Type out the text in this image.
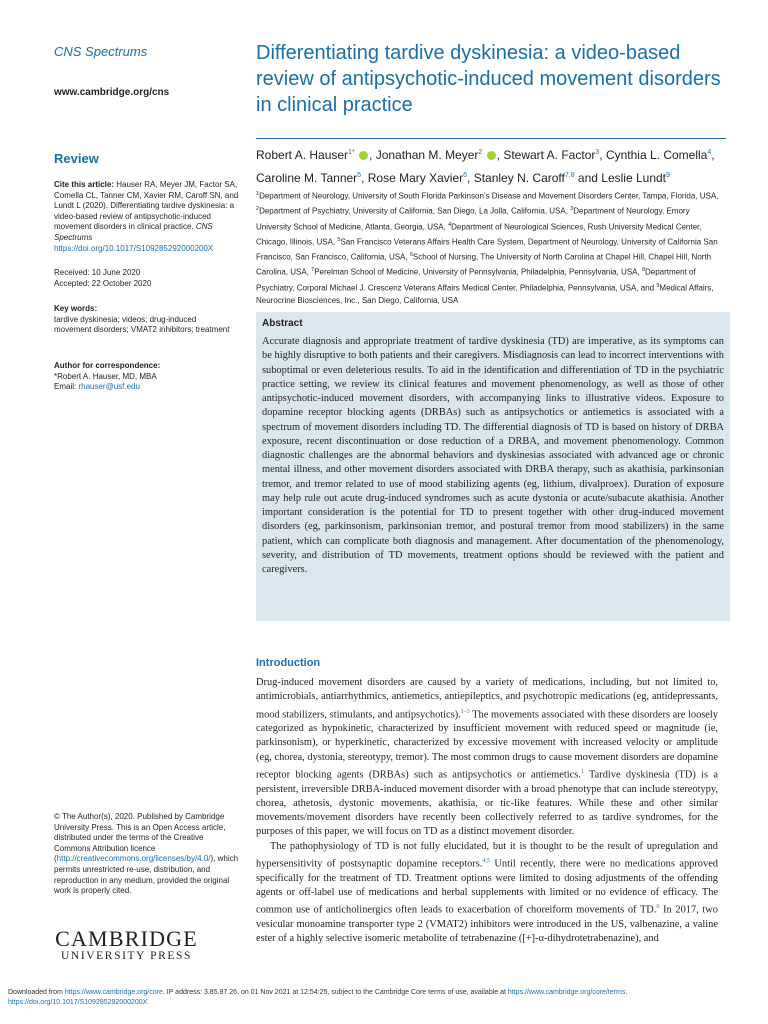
CNS Spectrums
www.cambridge.org/cns
Review
Cite this article: Hauser RA, Meyer JM, Factor SA, Comella CL, Tanner CM, Xavier RM, Caroff SN, and Lundt L (2020). Differentiating tardive dyskinesia: a video-based review of antipsychotic-induced movement disorders in clinical practice. CNS Spectrums
https://doi.org/10.1017/S109285292000200X
Received: 10 June 2020
Accepted: 22 October 2020
Key words:
tardive dyskinesia; videos; drug-induced movement disorders; VMAT2 inhibitors; treatment
Author for correspondence:
*Robert A. Hauser, MD, MBA
Email: rhauser@usf.edu
© The Author(s), 2020. Published by Cambridge University Press. This is an Open Access article, distributed under the terms of the Creative Commons Attribution licence (http://creativecommons.org/licenses/by/4.0/), which permits unrestricted re-use, distribution, and reproduction in any medium, provided the original work is properly cited.
CAMBRIDGE
UNIVERSITY PRESS
Differentiating tardive dyskinesia: a video-based review of antipsychotic-induced movement disorders in clinical practice
Robert A. Hauser$^{1*}$ , Jonathan M. Meyer$^2$ , Stewart A. Factor$^3$, Cynthia L. Comella$^4$, Caroline M. Tanner$^5$, Rose Mary Xavier$^6$, Stanley N. Caroff$^{7,8}$ and Leslie Lundt$^9$
$^1$Department of Neurology, University of South Florida Parkinson’s Disease and Movement Disorders Center, Tampa, Florida, USA, $^2$Department of Psychiatry, University of California, San Diego, La Jolla, California, USA, $^3$Department of Neurology, Emory University School of Medicine, Atlanta, Georgia, USA, $^4$Department of Neurological Sciences, Rush University Medical Center, Chicago, Illinois, USA, $^5$San Francisco Veterans Affairs Health Care System, Department of Neurology, University of California San Francisco, San Francisco, California, USA, $^6$School of Nursing, The University of North Carolina at Chapel Hill, Chapel Hill, North Carolina, USA, $^7$Perelman School of Medicine, University of Pennsylvania, Philadelphia, Pennsylvania, USA, $^8$Department of Psychiatry, Corporal Michael J. Crescenz Veterans Affairs Medical Center, Philadelphia, Pennsylvania, USA, and $^9$Medical Affairs, Neurocrine Biosciences, Inc., San Diego, California, USA
Abstract

Accurate diagnosis and appropriate treatment of tardive dyskinesia (TD) are imperative, as its symptoms can be highly disruptive to both patients and their caregivers. Misdiagnosis can lead to incorrect interventions with suboptimal or even deleterious results. To aid in the identification and differentiation of TD in the psychiatric practice setting, we review its clinical features and movement phenomenology, as well as those of other antipsychotic-induced movement disorders, with accompanying links to illustrative videos. Exposure to dopamine receptor blocking agents (DRBAs) such as antipsychotics or antiemetics is associated with a spectrum of movement disorders including TD. The differential diagnosis of TD is based on history of DRBA exposure, recent discontinuation or dose reduction of a DRBA, and movement phenomenology. Common diagnostic challenges are the abnormal behaviors and dyskinesias associated with advanced age or chronic mental illness, and other movement disorders associated with DRBA therapy, such as akathisia, parkinsonian tremor, and tremor related to use of mood stabilizing agents (eg, lithium, divalproex). Duration of exposure may help rule out acute drug-induced syndromes such as acute dystonia or acute/subacute akathisia. Another important consideration is the potential for TD to present together with other drug-induced movement disorders (eg, parkinsonism, parkinsonian tremor, and postural tremor from mood stabilizers) in the same patient, which can complicate both diagnosis and management. After documentation of the phenomenology, severity, and distribution of TD movements, treatment options should be reviewed with the patient and caregivers.

Introduction

Drug-induced movement disorders are caused by a variety of medications, including, but not limited to, antimicrobials, antiarrhythmics, antiemetics, antiepileptics, and psychotropic medications (eg, antidepressants, mood stabilizers, stimulants, and antipsychotics).$^{1-3}$ The movements associated with these disorders are loosely categorized as hypokinetic, characterized by insufficient movement with reduced speed or magnitude (ie, parkinsonism), or hyperkinetic, characterized by excessive movement with increased velocity or amplitude (eg, chorea, dystonia, stereotypy, tremor). The most common drugs to cause movement disorders are dopamine receptor blocking agents (DRBAs) such as antipsychotics or antiemetics.$^1$ Tardive dyskinesia (TD) is a persistent, irreversible DRBA-induced movement disorder with a broad phenotype that can include stereotypy, chorea, athetosis, dystonic movements, akathisia, or tic-like features. While these and other similar movements/movement disorders have recently been collectively referred to as tardive syndromes, for the purposes of this paper, we will focus on TD as a distinct movement disorder.

The pathophysiology of TD is not fully elucidated, but it is thought to be the result of upregulation and hypersensitivity of postsynaptic dopamine receptors.$^{4,5}$ Until recently, there were no medications approved specifically for the treatment of TD. Treatment options were limited to dosing adjustments of the offending agents or off-label use of medications and herbal supplements with limited or no evidence of efficacy. The common use of anticholinergics often leads to exacerbation of choreiform movements of TD.$^6$ In 2017, two vesicular monoamine transporter type 2 (VMAT2) inhibitors were introduced in the US, valbenazine, a valine ester of a highly selective isomeric metabolite of tetrabenazine ([+]-α-dihydrotetrabenazine), and

Downloaded from https://www.cambridge.org/core. IP address: 3.85.97.26, on 01 Nov 2021 at 12:54:25, subject to the Cambridge Core terms of use, available at https://www.cambridge.org/core/terms.
https://doi.org/10.1017/S109285292000200X
